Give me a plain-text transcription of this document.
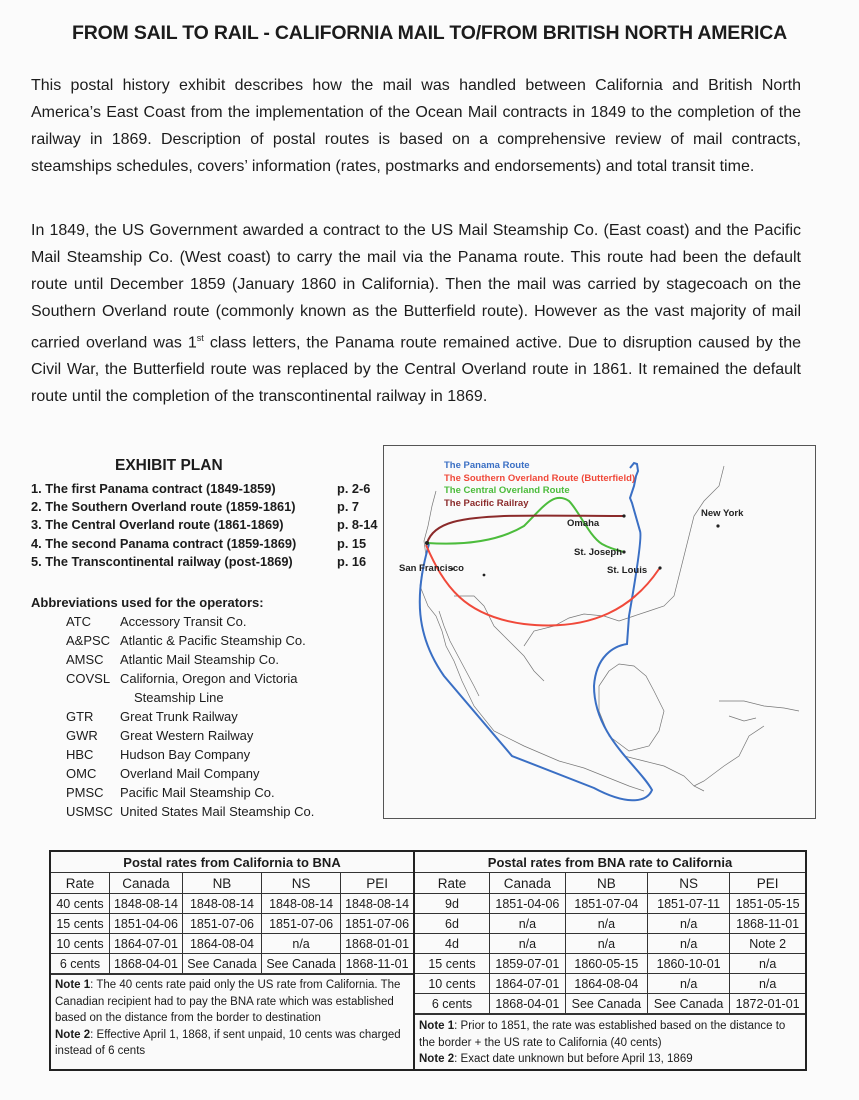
FROM SAIL TO RAIL - CALIFORNIA MAIL TO/FROM BRITISH NORTH AMERICA
This postal history exhibit describes how the mail was handled between California and British North America’s East Coast from the implementation of the Ocean Mail contracts in 1849 to the completion of the railway in 1869. Description of postal routes is based on a comprehensive review of mail contracts, steamships schedules, covers’ information (rates, postmarks and endorsements) and total transit time.
In 1849, the US Government awarded a contract to the US Mail Steamship Co. (East coast) and the Pacific Mail Steamship Co. (West coast) to carry the mail via the Panama route. This route had been the default route until December 1859 (January 1860 in California). Then the mail was carried by stagecoach on the Southern Overland route (commonly known as the Butterfield route). However as the vast majority of mail carried overland was 1st class letters, the Panama route remained active. Due to disruption caused by the Civil War, the Butterfield route was replaced by the Central Overland route in 1861. It remained the default route until the completion of the transcontinental railway in 1869.
EXHIBIT PLAN
1. The first Panama contract (1849-1859)	p. 2-6
2. The Southern Overland route (1859-1861)	p. 7
3. The Central Overland route (1861-1869)	p. 8-14
4. The second Panama contract (1859-1869)	p. 15
5. The Transcontinental railway (post-1869)	p. 16
Abbreviations used for the operators:
ATC	Accessory Transit Co.
A&PSC Atlantic & Pacific Steamship Co.
AMSC	Atlantic Mail Steamship Co.
COVSL California, Oregon and Victoria
Steamship Line
GTR	Great Trunk Railway
GWR	Great Western Railway
HBC	Hudson Bay Company
OMC	Overland Mail Company
PMSC	Pacific Mail Steamship Co.
USMSC United States Mail Steamship Co.
The Panama Route
The Southern Overland Route (Butterfield)
The Central Overland Route
The Pacific Railray
Omaha
St. Joseph
St. Louis
San Francisco
New York
Postal rates from California to BNA				
Rate	Canada	NB	NS	PEI
40 cents	1848-08-14	1848-08-14	1848-08-14	1848-08-14
15 cents	1851-04-06	1851-07-06	1851-07-06	1851-07-06
10 cents	1864-07-01	1864-08-04	n/a	1868-01-01
6 cents	1868-04-01	See Canada	See Canada	1868-11-01
Note 1: The 40 cents rate paid only the US rate from California. The Canadian recipient had to pay the BNA rate which was established based on the distance from the border to destination
Note 2: Effective April 1, 1868, if sent unpaid, 10 cents was charged instead of 6 cents
Postal rates from BNA rate to California				
Rate	Canada	NB	NS	PEI
9d	1851-04-06	1851-07-04	1851-07-11	1851-05-15
6d	n/a	n/a	n/a	1868-11-01
4d	n/a	n/a	n/a	Note 2
15 cents	1859-07-01	1860-05-15	1860-10-01	n/a
10 cents	1864-07-01	1864-08-04	n/a	n/a
6 cents	1868-04-01	See Canada	See Canada	1872-01-01
Note 1: Prior to 1851, the rate was established based on the distance to the border + the US rate to California (40 cents)
Note 2: Exact date unknown but before April 13, 1869
